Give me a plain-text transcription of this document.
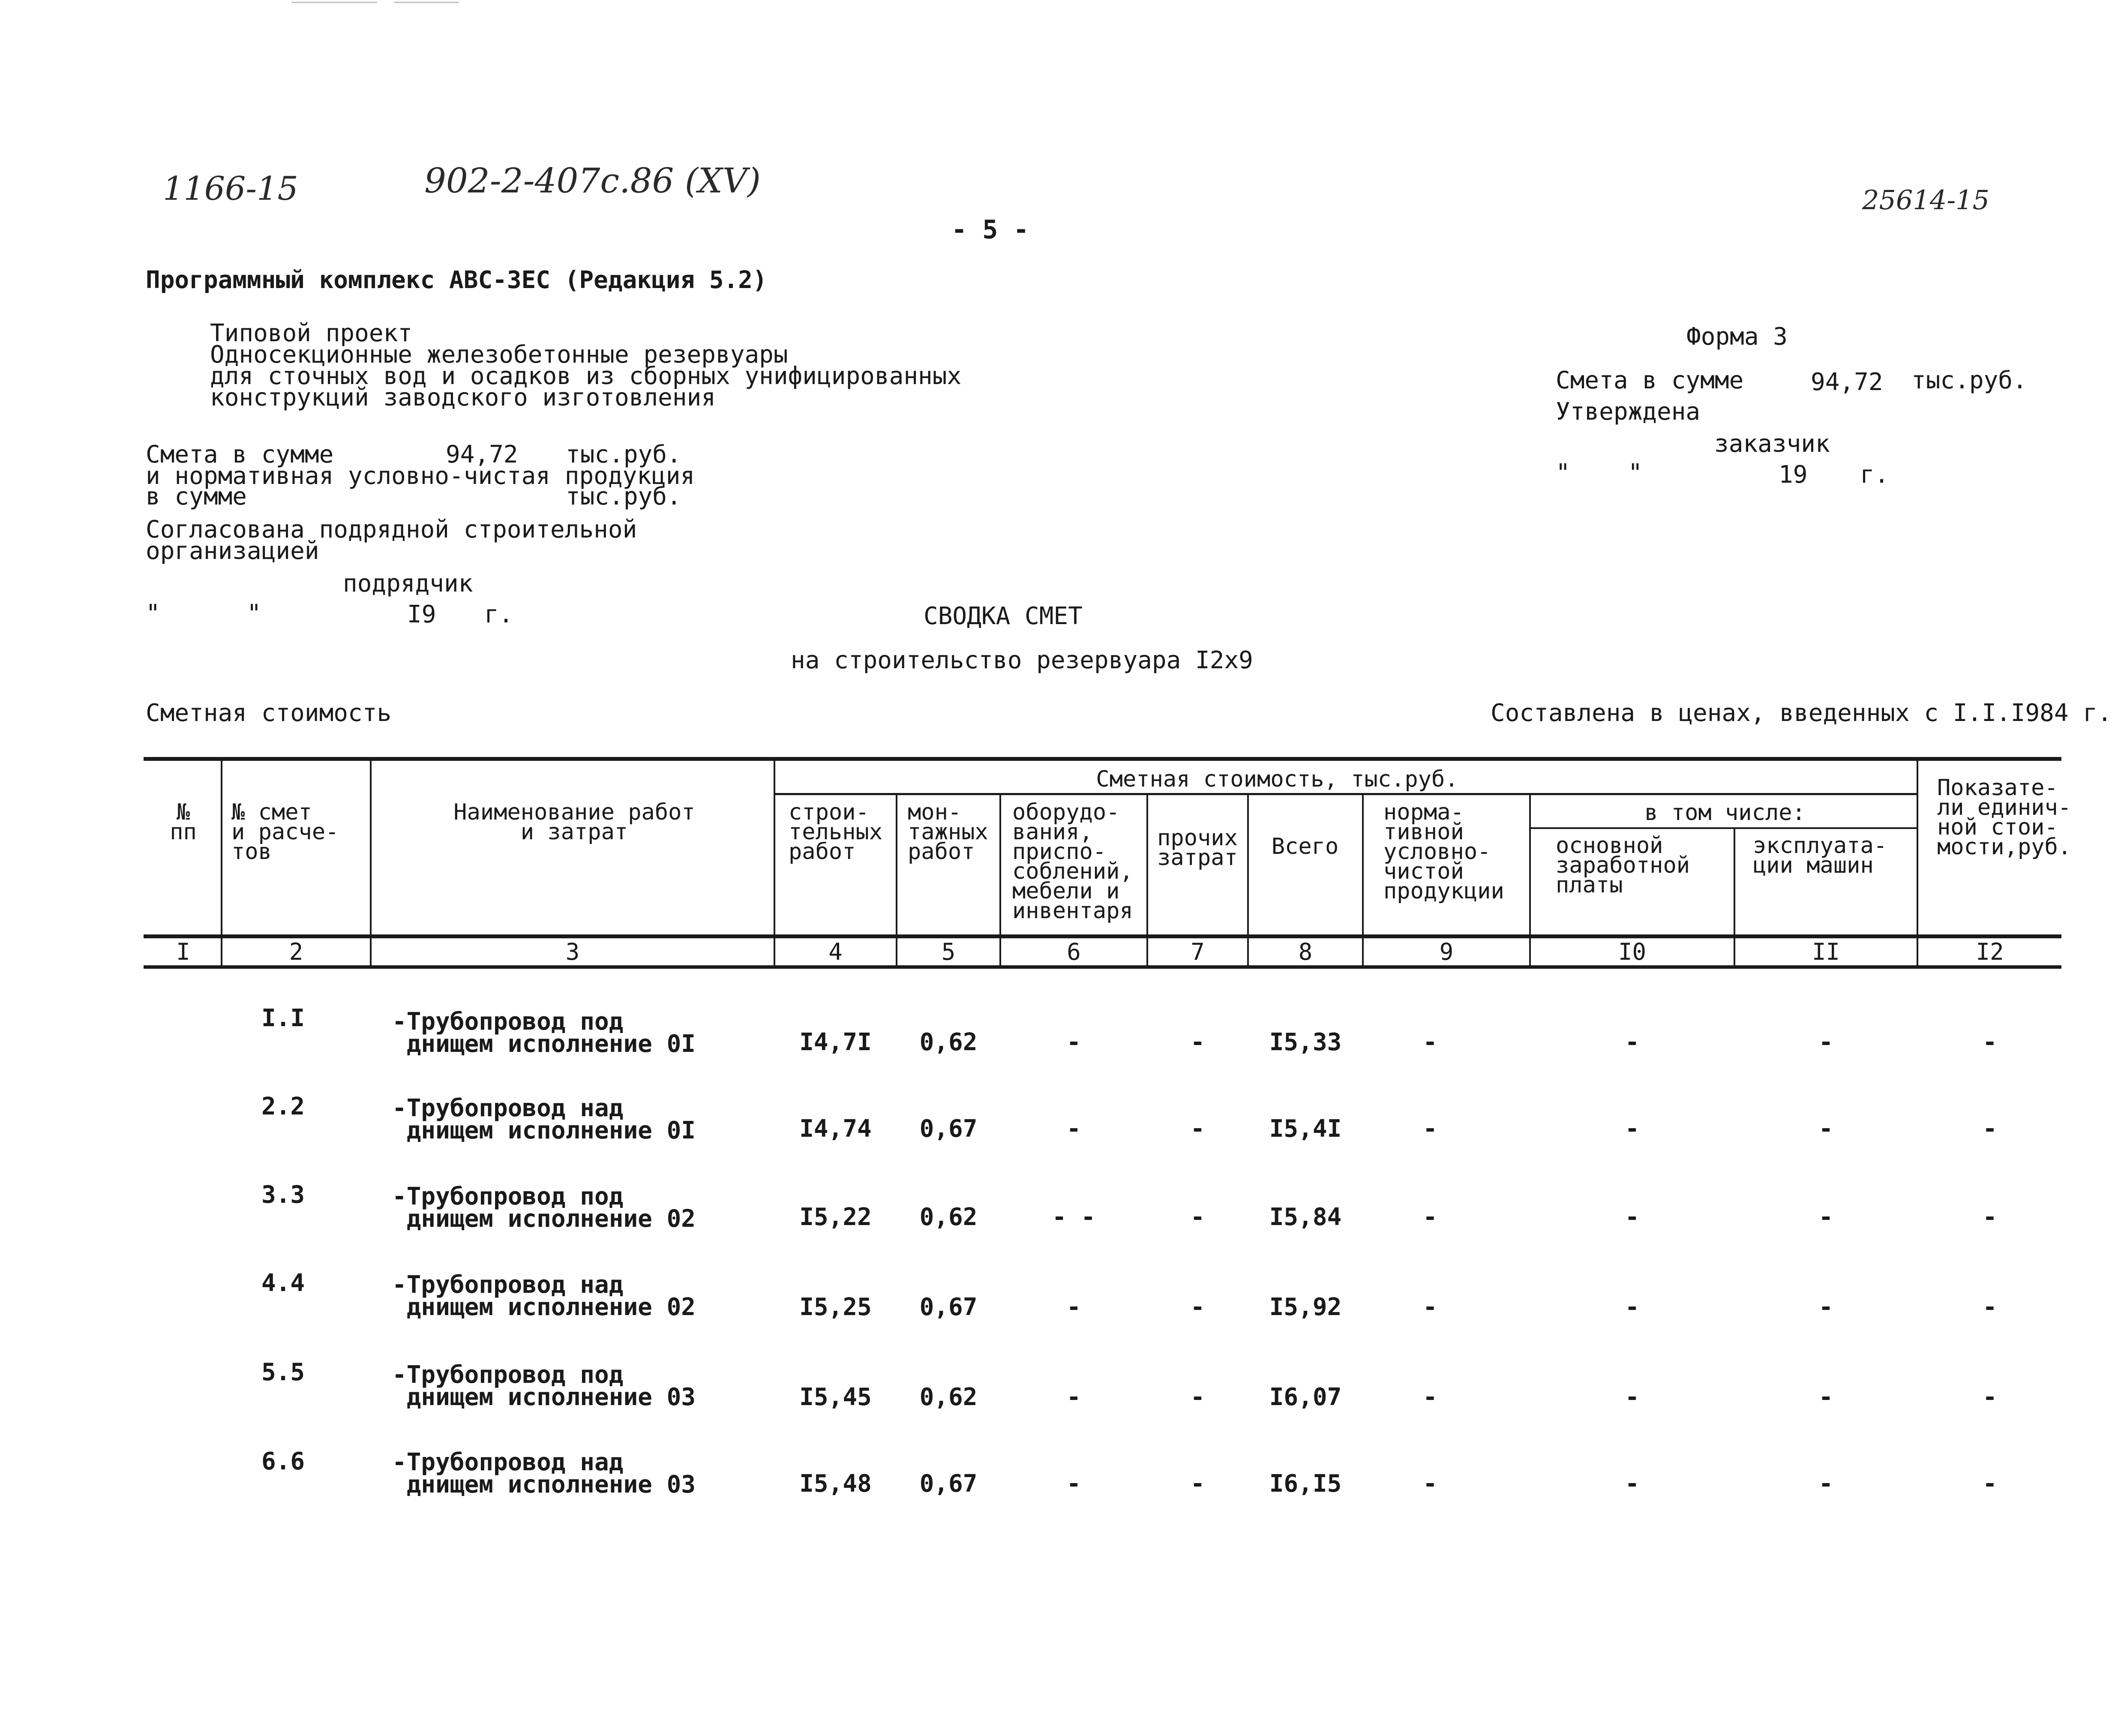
1166-15	902-2-407с.86 (XV)	25614-15
- 5 -
Программный комплекс АВС-ЗЕС (Редакция 5.2)
Типовой проект
Односекционные железобетонные резервуары
для сточных вод и осадков из сборных унифицированных
конструкций заводского изготовления
Форма 3
Смета в сумме	94,72 тыс.руб.
Утверждена
заказчик
"    "	19 г.
Смета в сумме	94,72 тыс.руб.
и нормативная условно-чистая продукция
в сумме	тыс.руб.
Согласована подрядной строительной
организацией
подрядчик
"      "	I9 г.	СВОДКА СМЕТ
на строительство резервуара I2х9
Сметная стоимость	Составлена в ценах, введенных с I.I.I984 г.
Сметная стоимость, тыс.руб.
в том числе:
Показате-
ли единич-
ной стои-
мости,руб.
№
пп
№ смет
и расче-
тов
Наименование работ
и затрат
строи-
тельных
работ
мон-
тажных
работ
оборудо-
вания,
приспо-
соблений,
мебели и
инвентаря
прочих
затрат	Всего
норма-
тивной
условно-
чистой
продукции
основной
заработной
платы
эксплуата-
ции машин
I	2	3	4	5	6	7	8	9	I0	II	I2
I.I	-Трубопровод под
днищем исполнение 0I	I4,7I	0,62	-	-	I5,33	-	-	-	-
2.2	-Трубопровод над
днищем исполнение 0I	I4,74	0,67	-	-	I5,4I	-	-	-	-
3.3	-Трубопровод под
днищем исполнение 02	I5,22	0,62	- -	-	I5,84	-	-	-	-
4.4	-Трубопровод над
днищем исполнение 02	I5,25	0,67	-	-	I5,92	-	-	-	-
5.5	-Трубопровод под
днищем исполнение 03	I5,45	0,62	-	-	I6,07	-	-	-	-
6.6	-Трубопровод над
днищем исполнение 03	I5,48	0,67	-	-	I6,I5	-	-	-	-
